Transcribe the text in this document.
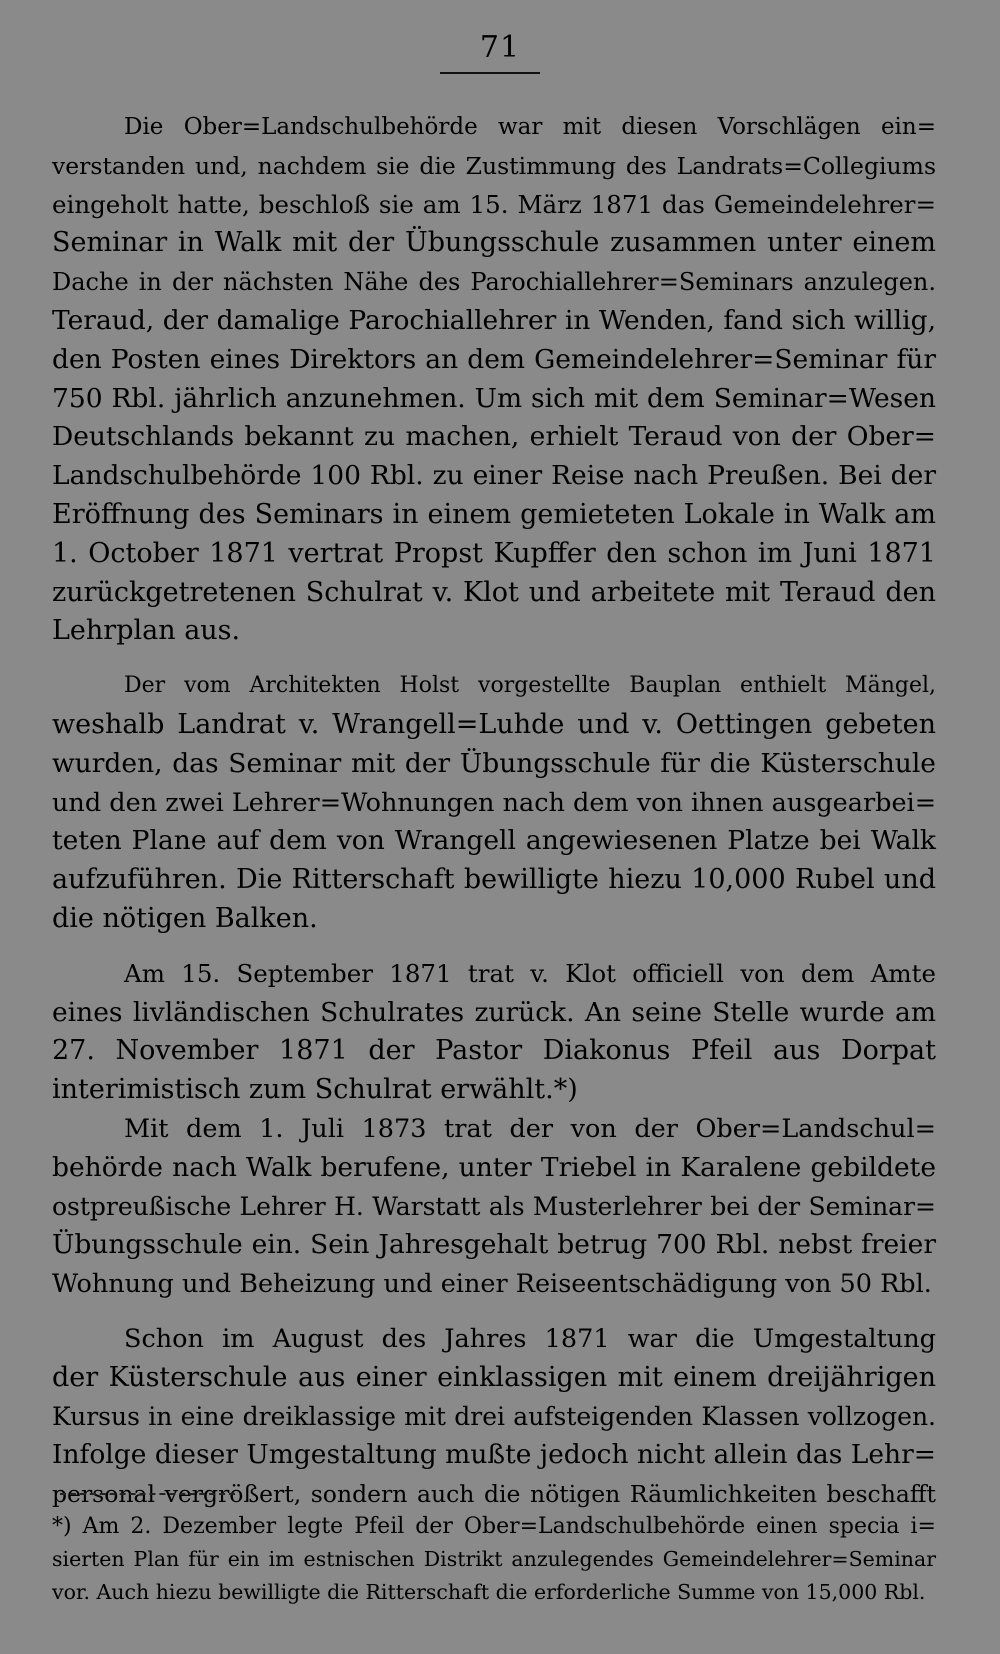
71
Die Ober=Landschulbehörde war mit diesen Vorschlägen ein=
verstanden und, nachdem sie die Zustimmung des Landrats=Collegiums
eingeholt hatte, beschloß sie am 15. März 1871 das Gemeindelehrer=
Seminar in Walk mit der Übungsschule zusammen unter einem
Dache in der nächsten Nähe des Parochiallehrer=Seminars anzulegen.
Teraud, der damalige Parochiallehrer in Wenden, fand sich willig,
den Posten eines Direktors an dem Gemeindelehrer=Seminar für
750 Rbl. jährlich anzunehmen. Um sich mit dem Seminar=Wesen
Deutschlands bekannt zu machen, erhielt Teraud von der Ober=
Landschulbehörde 100 Rbl. zu einer Reise nach Preußen. Bei der
Eröffnung des Seminars in einem gemieteten Lokale in Walk am
1. October 1871 vertrat Propst Kupffer den schon im Juni 1871
zurückgetretenen Schulrat v. Klot und arbeitete mit Teraud den
Lehrplan aus.
Der vom Architekten Holst vorgestellte Bauplan enthielt Mängel,
weshalb Landrat v. Wrangell=Luhde und v. Oettingen gebeten
wurden, das Seminar mit der Übungsschule für die Küsterschule
und den zwei Lehrer=Wohnungen nach dem von ihnen ausgearbei=
teten Plane auf dem von Wrangell angewiesenen Platze bei Walk
aufzuführen. Die Ritterschaft bewilligte hiezu 10,000 Rubel und
die nötigen Balken.
Am 15. September 1871 trat v. Klot officiell von dem Amte
eines livländischen Schulrates zurück. An seine Stelle wurde am
27. November 1871 der Pastor Diakonus Pfeil aus Dorpat
interimistisch zum Schulrat erwählt.*)
Mit dem 1. Juli 1873 trat der von der Ober=Landschul=
behörde nach Walk berufene, unter Triebel in Karalene gebildete
ostpreußische Lehrer H. Warstatt als Musterlehrer bei der Seminar=
Übungsschule ein. Sein Jahresgehalt betrug 700 Rbl. nebst freier
Wohnung und Beheizung und einer Reiseentschädigung von 50 Rbl.
Schon im August des Jahres 1871 war die Umgestaltung
der Küsterschule aus einer einklassigen mit einem dreijährigen
Kursus in eine dreiklassige mit drei aufsteigenden Klassen vollzogen.
Infolge dieser Umgestaltung mußte jedoch nicht allein das Lehr=
personal vergrößert, sondern auch die nötigen Räumlichkeiten beschafft
*) Am 2. Dezember legte Pfeil der Ober=Landschulbehörde einen specia i=
sierten Plan für ein im estnischen Distrikt anzulegendes Gemeindelehrer=Seminar
vor. Auch hiezu bewilligte die Ritterschaft die erforderliche Summe von 15,000 Rbl.
